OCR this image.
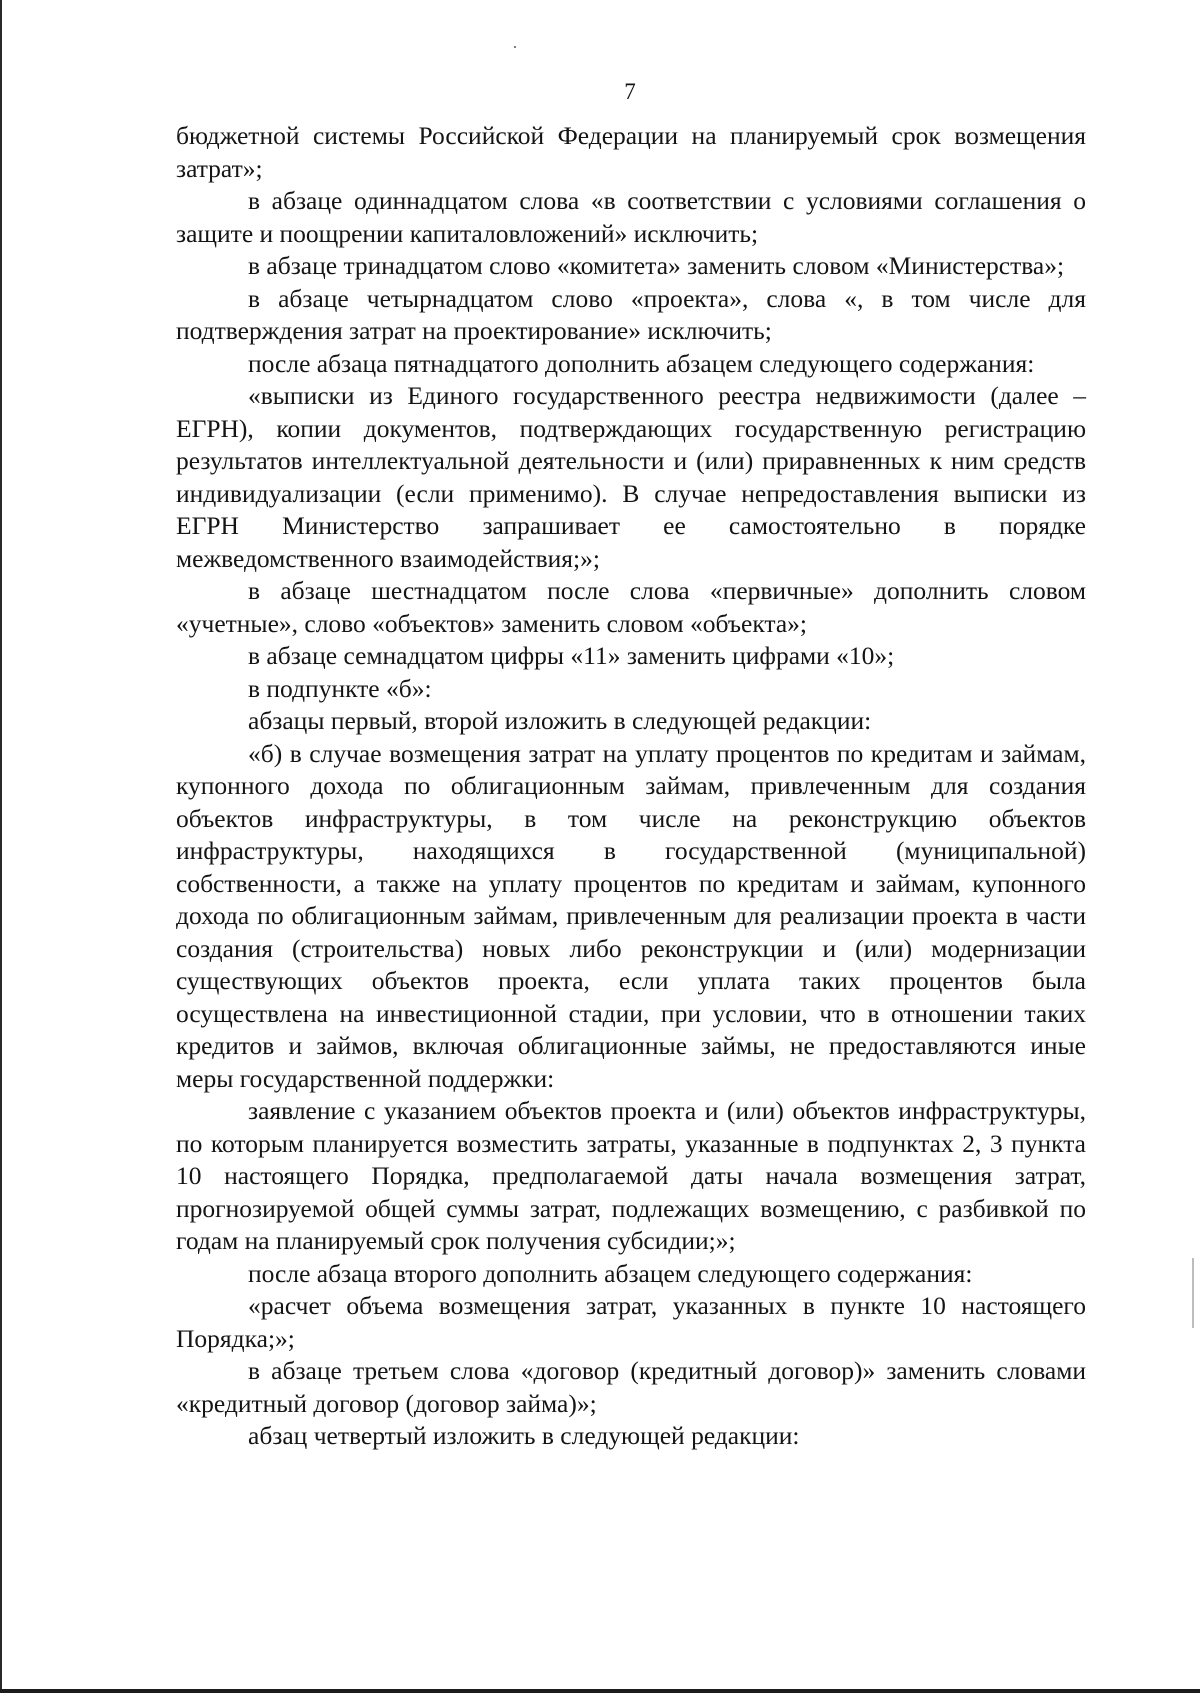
7

бюджетной системы Российской Федерации на планируемый срок возмещения затрат»;

в абзаце одиннадцатом слова «в соответствии с условиями соглашения о защите и поощрении капиталовложений» исключить;

в абзаце тринадцатом слово «комитета» заменить словом «Министерства»;

в абзаце четырнадцатом слово «проекта», слова «, в том числе для подтверждения затрат на проектирование» исключить;

после абзаца пятнадцатого дополнить абзацем следующего содержания:

«выписки из Единого государственного реестра недвижимости (далее – ЕГРН), копии документов, подтверждающих государственную регистрацию результатов интеллектуальной деятельности и (или) приравненных к ним средств индивидуализации (если применимо). В случае непредоставления выписки из ЕГРН Министерство запрашивает ее самостоятельно в порядке межведомственного взаимодействия;»;

в абзаце шестнадцатом после слова «первичные» дополнить словом «учетные», слово «объектов» заменить словом «объекта»;

в абзаце семнадцатом цифры «11» заменить цифрами «10»;

в подпункте «б»:

абзацы первый, второй изложить в следующей редакции:

«б) в случае возмещения затрат на уплату процентов по кредитам и займам, купонного дохода по облигационным займам, привлеченным для создания объектов инфраструктуры, в том числе на реконструкцию объектов инфраструктуры, находящихся в государственной (муниципальной) собственности, а также на уплату процентов по кредитам и займам, купонного дохода по облигационным займам, привлеченным для реализации проекта в части создания (строительства) новых либо реконструкции и (или) модернизации существующих объектов проекта, если уплата таких процентов была осуществлена на инвестиционной стадии, при условии, что в отношении таких кредитов и займов, включая облигационные займы, не предоставляются иные меры государственной поддержки:

заявление с указанием объектов проекта и (или) объектов инфраструктуры, по которым планируется возместить затраты, указанные в подпунктах 2, 3 пункта 10 настоящего Порядка, предполагаемой даты начала возмещения затрат, прогнозируемой общей суммы затрат, подлежащих возмещению, с разбивкой по годам на планируемый срок получения субсидии;»;

после абзаца второго дополнить абзацем следующего содержания:

«расчет объема возмещения затрат, указанных в пункте 10 настоящего Порядка;»;

в абзаце третьем слова «договор (кредитный договор)» заменить словами «кредитный договор (договор займа)»;

абзац четвертый изложить в следующей редакции:
